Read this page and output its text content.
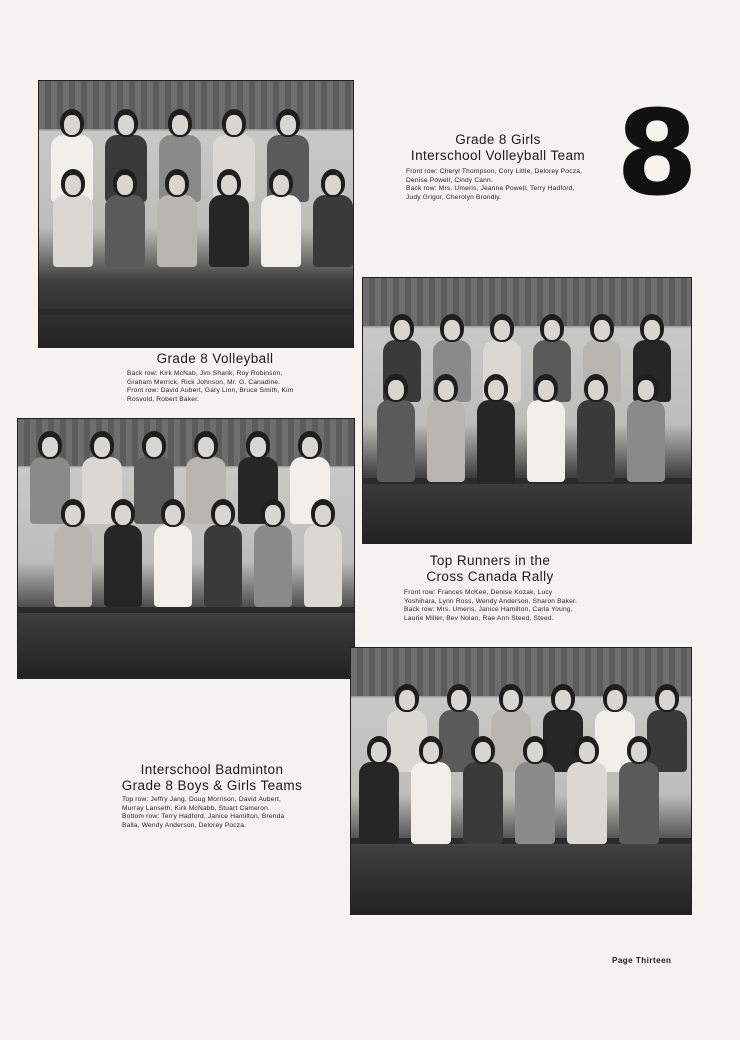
8
Grade 8 Girls
Interschool Volleyball Team
Front row: Cheryl Thompson, Cory Little, Delorey Pocza, Denise Powell, Cindy Cann.
Back row: Mrs. Umeris, Jeanne Powell, Terry Hadford, Judy Grigor, Cherolyn Brondly.
Grade 8 Volleyball
Back row: Kirk McNab, Jim Shank, Roy Robinson, Graham Merrick, Rick Johnson, Mr. G. Canadine.
Front row: David Aubert, Gary Linn, Bruce Smith, Kim Rosvold, Robert Baker.
Top Runners in the
Cross Canada Rally
Front row: Frances McKee, Denise Kozak, Lucy Yoshihara, Lynn Ross, Wendy Anderson, Sharon Baker.
Back row: Mrs. Umeris, Janice Hamilton, Carla Young, Laurie Miller, Bev Nolan, Rae Ann Steed, Steed.
Interschool Badminton
Grade 8 Boys & Girls Teams
Top row: Jeffry Jang, Doug Morrison, David Aubert, Murray Lanseth, Kirk McNabb, Stuart Cameron.
Bottom row: Terry Hadford, Janice Hamilton, Brenda Balla, Wendy Anderson, Delorey Pocza.
Page Thirteen
